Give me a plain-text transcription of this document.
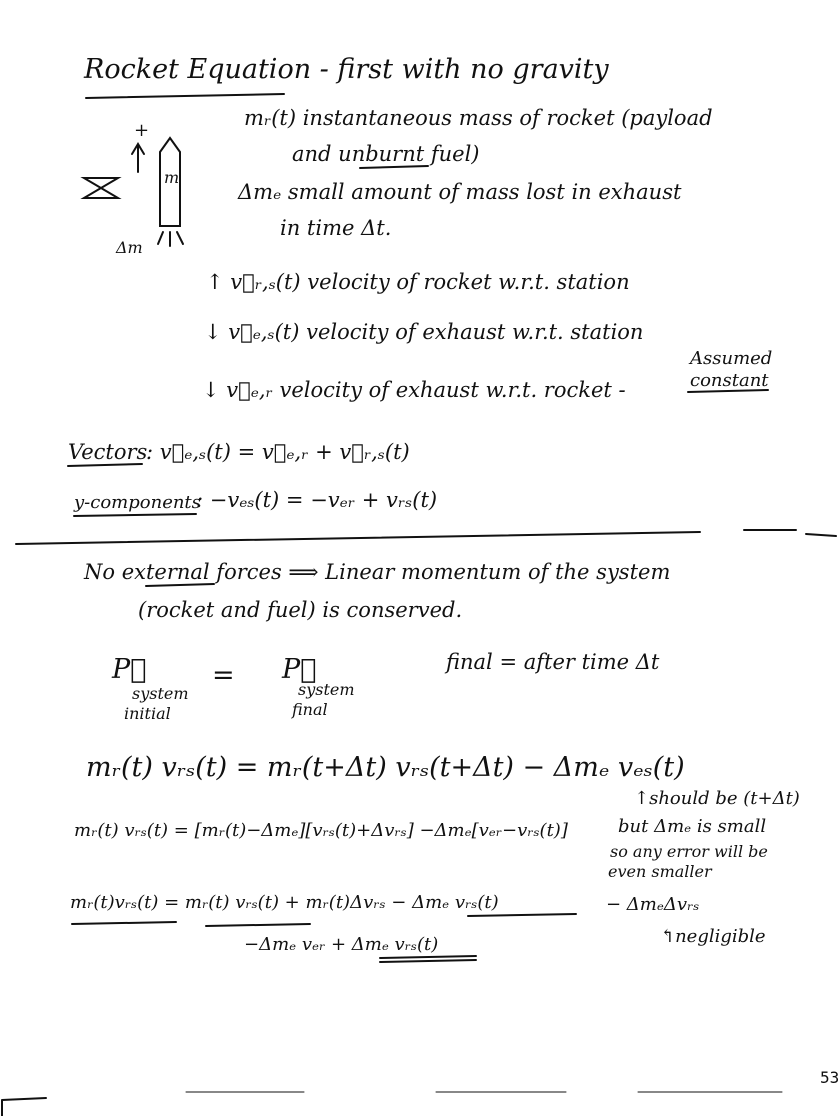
Rocket Equation - first with no gravity
mᵣ(t) instantaneous mass of rocket (payload
and unburnt fuel)
Δmₑ small amount of mass lost in exhaust
in time Δt.
+
m
Δm
↑ v⃗ᵣ,ₛ(t) velocity of rocket w.r.t. station
↓ v⃗ₑ,ₛ(t) velocity of exhaust w.r.t. station
↓ v⃗ₑ,ᵣ velocity of exhaust w.r.t. rocket -
Assumed
constant
Vectors
: v⃗ₑ,ₛ(t) = v⃗ₑ,ᵣ + v⃗ᵣ,ₛ(t)
y-components
: −vₑₛ(t) = −vₑᵣ + vᵣₛ(t)
No external forces ⟹ Linear momentum of the system
(rocket and fuel) is conserved.
P⃗
system
initial
= P⃗
system
final
final = after time Δt
mᵣ(t) vᵣₛ(t) = mᵣ(t+Δt) vᵣₛ(t+Δt) − Δmₑ vₑₛ(t)
↑should be (t+Δt)
mᵣ(t) vᵣₛ(t) = [mᵣ(t)−Δmₑ][vᵣₛ(t)+Δvᵣₛ] −Δmₑ[vₑᵣ−vᵣₛ(t)]	but Δmₑ is small
so any error will be
even smaller
mᵣ(t)vᵣₛ(t) = mᵣ(t) vᵣₛ(t) + mᵣ(t)Δvᵣₛ − Δmₑ vᵣₛ(t)	− ΔmₑΔvᵣₛ
−Δmₑ vₑᵣ + Δmₑ vᵣₛ(t)	↰negligible
53
